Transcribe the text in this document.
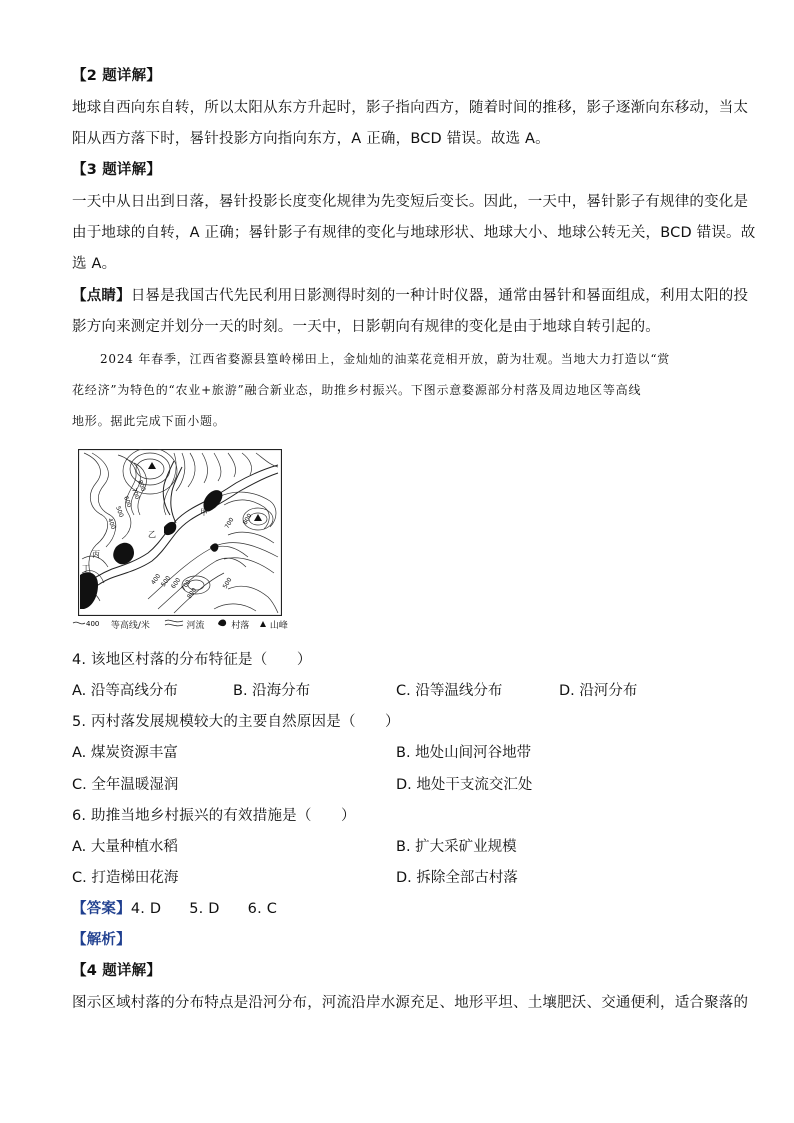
【2 题详解】
地球自西向东自转，所以太阳从东方升起时，影子指向西方，随着时间的推移，影子逐渐向东移动，当太
阳从西方落下时，晷针投影方向指向东方，A 正确，BCD 错误。故选 A。
【3 题详解】
一天中从日出到日落，晷针投影长度变化规律为先变短后变长。因此，一天中，晷针影子有规律的变化是
由于地球的自转，A 正确；晷针影子有规律的变化与地球形状、地球大小、地球公转无关，BCD 错误。故
选 A。
【点睛】日晷是我国古代先民利用日影测得时刻的一种计时仪器，通常由晷针和晷面组成，利用太阳的投
影方向来测定并划分一天的时刻。一天中，日影朝向有规律的变化是由于地球自转引起的。
2024 年春季，江西省婺源县篁岭梯田上，金灿灿的油菜花竞相开放，蔚为壮观。当地大力打造以“赏
花经济”为特色的“农业+旅游”融合新业态，助推乡村振兴。下图示意婺源部分村落及周边地区等高线
地形。据此完成下面小题。
甲
乙
丙
丁
800
700
600
500
400	700 800
500
400
500
600
700
800
400 等高线/米	河流	村落 山峰
4. 该地区村落的分布特征是（　　）
A. 沿等高线分布	B. 沿海分布	C. 沿等温线分布	D. 沿河分布
5. 丙村落发展规模较大的主要自然原因是（　　）
A. 煤炭资源丰富	B. 地处山间河谷地带
C. 全年温暖湿润	D. 地处干支流交汇处
6. 助推当地乡村振兴的有效措施是（　　）
A. 大量种植水稻	B. 扩大采矿业规模
C. 打造梯田花海	D. 拆除全部古村落
【答案】4. D 5. D 6. C
【解析】
【4 题详解】
图示区域村落的分布特点是沿河分布，河流沿岸水源充足、地形平坦、土壤肥沃、交通便利，适合聚落的
